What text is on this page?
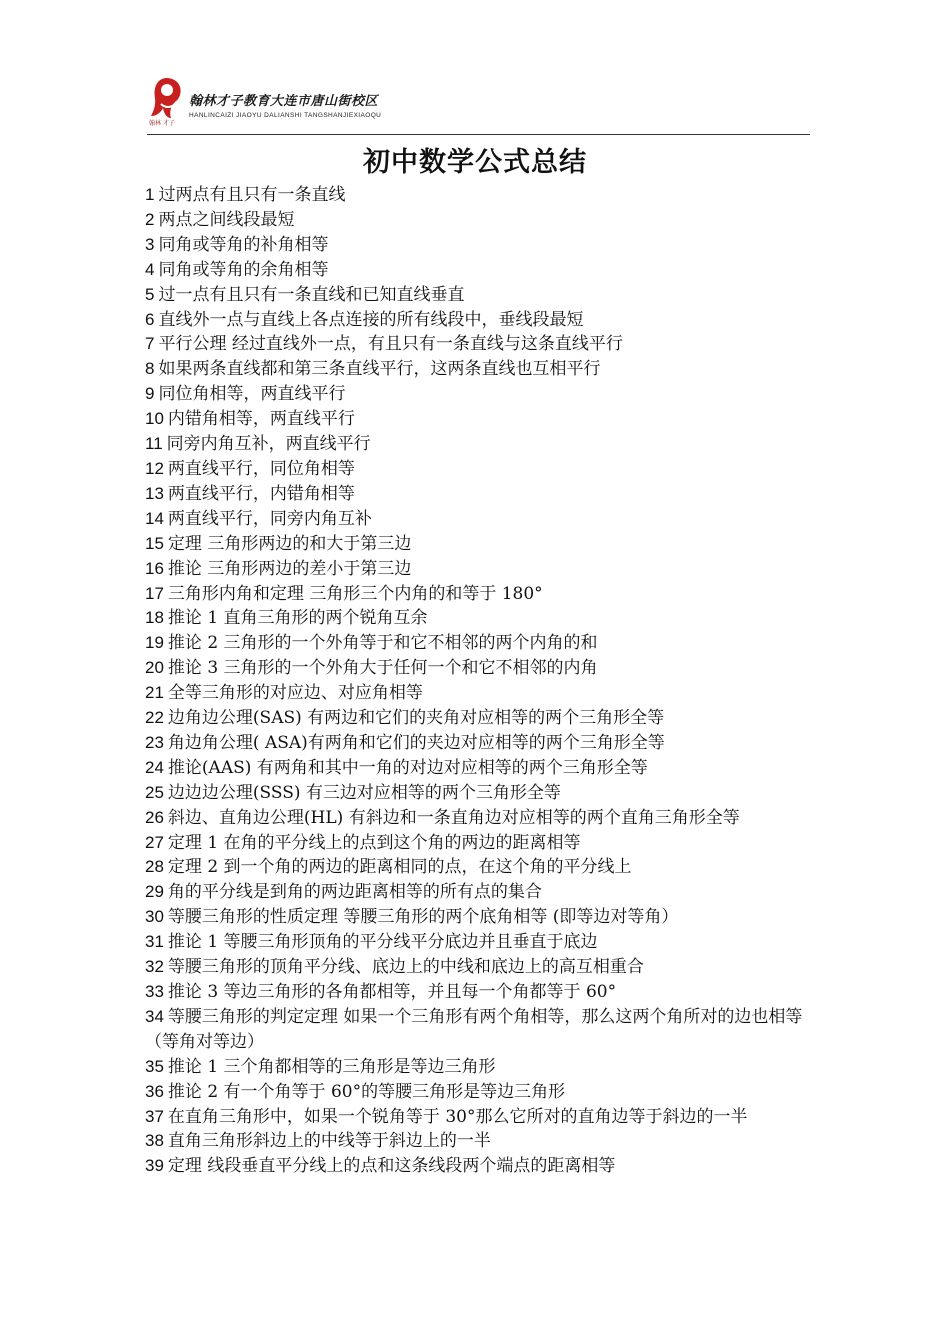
翰林 才子
翰林才子教育大连市唐山街校区
HANLINCAIZI JIAOYU DALIANSHI TANGSHANJIEXIAOQU
初中数学公式总结
1 过两点有且只有一条直线
2 两点之间线段最短
3 同角或等角的补角相等
4 同角或等角的余角相等
5 过一点有且只有一条直线和已知直线垂直
6 直线外一点与直线上各点连接的所有线段中，垂线段最短
7 平行公理 经过直线外一点，有且只有一条直线与这条直线平行
8 如果两条直线都和第三条直线平行，这两条直线也互相平行
9 同位角相等，两直线平行
10 内错角相等，两直线平行
11 同旁内角互补，两直线平行
12 两直线平行，同位角相等
13 两直线平行，内错角相等
14 两直线平行，同旁内角互补
15 定理 三角形两边的和大于第三边
16 推论 三角形两边的差小于第三边
17 三角形内角和定理 三角形三个内角的和等于 180°
18 推论 1 直角三角形的两个锐角互余
19 推论 2 三角形的一个外角等于和它不相邻的两个内角的和
20 推论 3 三角形的一个外角大于任何一个和它不相邻的内角
21 全等三角形的对应边、对应角相等
22 边角边公理(SAS) 有两边和它们的夹角对应相等的两个三角形全等
23 角边角公理( ASA)有两角和它们的夹边对应相等的两个三角形全等
24 推论(AAS) 有两角和其中一角的对边对应相等的两个三角形全等
25 边边边公理(SSS) 有三边对应相等的两个三角形全等
26 斜边、直角边公理(HL) 有斜边和一条直角边对应相等的两个直角三角形全等
27 定理 1 在角的平分线上的点到这个角的两边的距离相等
28 定理 2 到一个角的两边的距离相同的点，在这个角的平分线上
29 角的平分线是到角的两边距离相等的所有点的集合
30 等腰三角形的性质定理 等腰三角形的两个底角相等 (即等边对等角）
31 推论 1 等腰三角形顶角的平分线平分底边并且垂直于底边
32 等腰三角形的顶角平分线、底边上的中线和底边上的高互相重合
33 推论 3 等边三角形的各角都相等，并且每一个角都等于 60°
34 等腰三角形的判定定理 如果一个三角形有两个角相等，那么这两个角所对的边也相等（等角对等边）
35 推论 1 三个角都相等的三角形是等边三角形
36 推论 2 有一个角等于 60°的等腰三角形是等边三角形
37 在直角三角形中，如果一个锐角等于 30°那么它所对的直角边等于斜边的一半
38 直角三角形斜边上的中线等于斜边上的一半
39 定理 线段垂直平分线上的点和这条线段两个端点的距离相等
